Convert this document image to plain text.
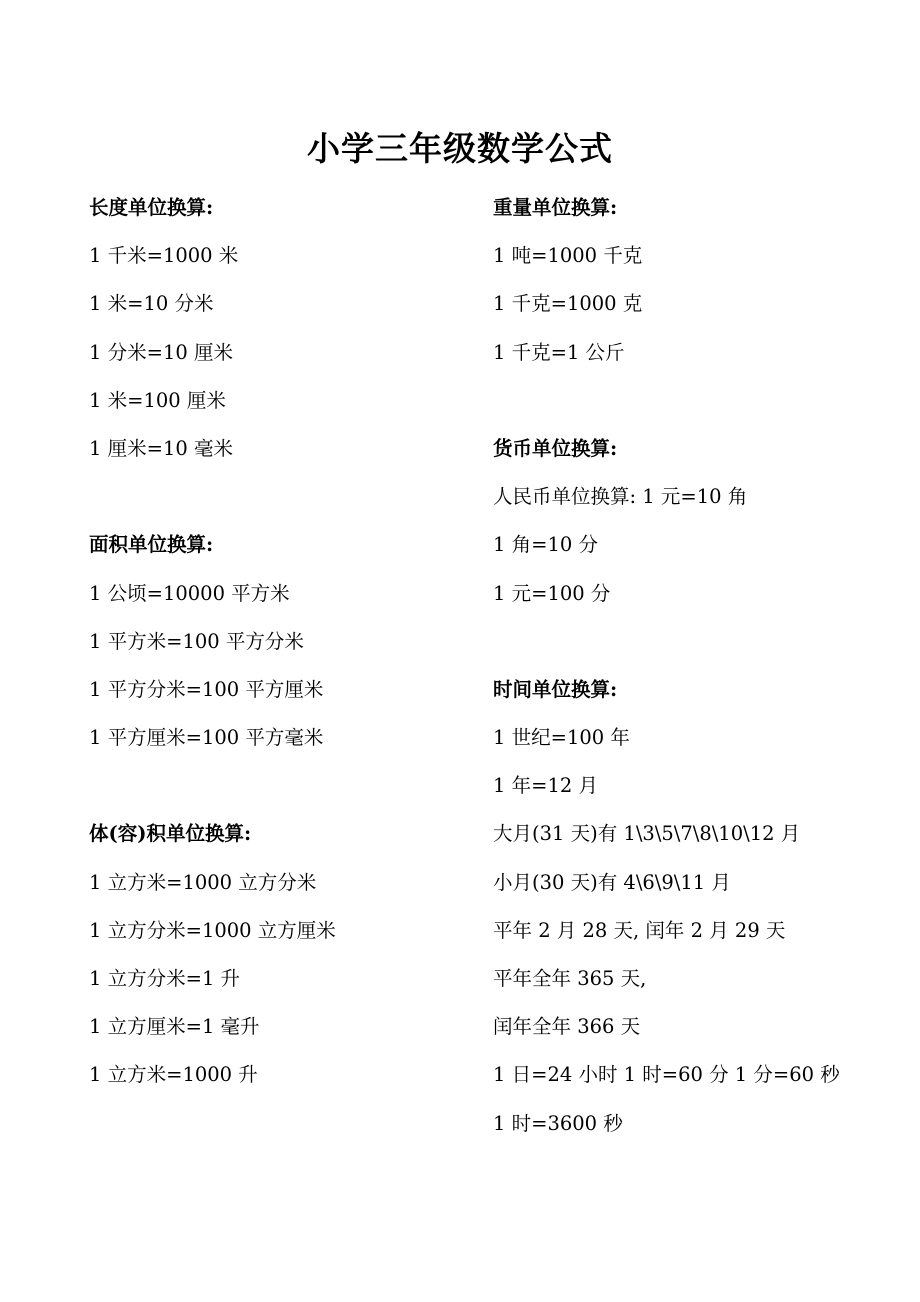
小学三年级数学公式
长度单位换算:
1 千米=1000 米
1 米=10 分米
1 分米=10 厘米
1 米=100 厘米
1 厘米=10 毫米
面积单位换算:
1 公顷=10000 平方米
1 平方米=100 平方分米
1 平方分米=100 平方厘米
1 平方厘米=100 平方毫米
体(容)积单位换算:
1 立方米=1000 立方分米
1 立方分米=1000 立方厘米
1 立方分米=1 升
1 立方厘米=1 毫升
1 立方米=1000 升
重量单位换算:
1 吨=1000 千克
1 千克=1000 克
1 千克=1 公斤
货币单位换算:
人民币单位换算: 1 元=10 角
1 角=10 分
1 元=100 分
时间单位换算:
1 世纪=100 年
1 年=12 月
大月(31 天)有 1\3\5\7\8\10\12 月
小月(30 天)有 4\6\9\11 月
平年 2 月 28 天, 闰年 2 月 29 天
平年全年 365 天,
闰年全年 366 天
1 日=24 小时 1 时=60 分 1 分=60 秒
1 时=3600 秒
